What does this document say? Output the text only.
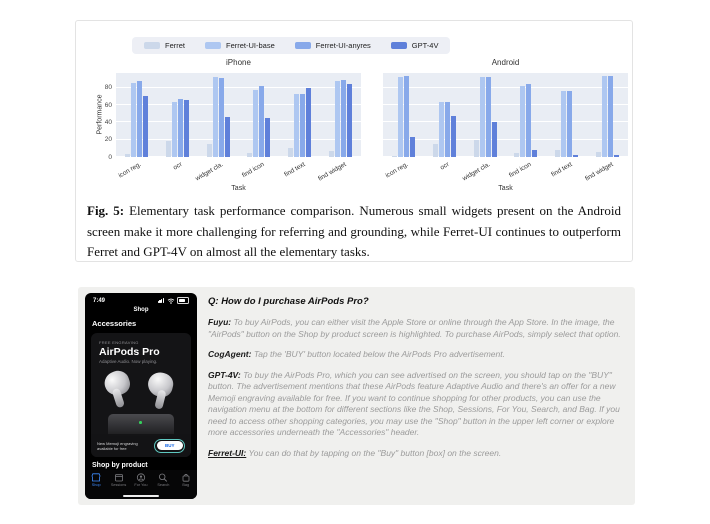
Ferret	Ferret-UI-base	Ferret-UI-anyres	GPT-4V
iPhone
Performance
0
20
40
60
80
icon reg.	ocr widget cla.	find icon	find text find widget
Task
Android
icon reg.	ocr widget cla.	find icon	find text find widget
Task
Fig. 5: Elementary task performance comparison. Numerous small widgets present on the Android screen make it more challenging for referring and grounding, while Ferret-UI continues to outperform Ferret and GPT-4V on almost all the elementary tasks.
7:49
Shop
Accessories
FREE ENGRAVING
AirPods Pro
Adaptive Audio. Now playing.
New Memoji engraving available for free	BUY
Shop by product
Shop	Sessions For You	Search	Bag
Q: How do I purchase AirPods Pro?
Fuyu: To buy AirPods, you can either visit the Apple Store or online through the App Store. In the image, the "AirPods" button on the Shop by product screen is highlighted. To purchase AirPods, simply select that option.
CogAgent: Tap the 'BUY' button located below the AirPods Pro advertisement.
GPT-4V: To buy the AirPods Pro, which you can see advertised on the screen, you should tap on the "BUY" button. The advertisement mentions that these AirPods feature Adaptive Audio and there's an offer for a new Memoji engraving available for free. If you want to continue shopping for other products, you can use the navigation menu at the bottom for different sections like the Shop, Sessions, For You, Search, and Bag. If you need to access other shopping categories, you may use the "Shop" button in the upper left corner or explore more accessories underneath the "Accessories" header.
Ferret-UI: You can do that by tapping on the "Buy" button [box] on the screen.
